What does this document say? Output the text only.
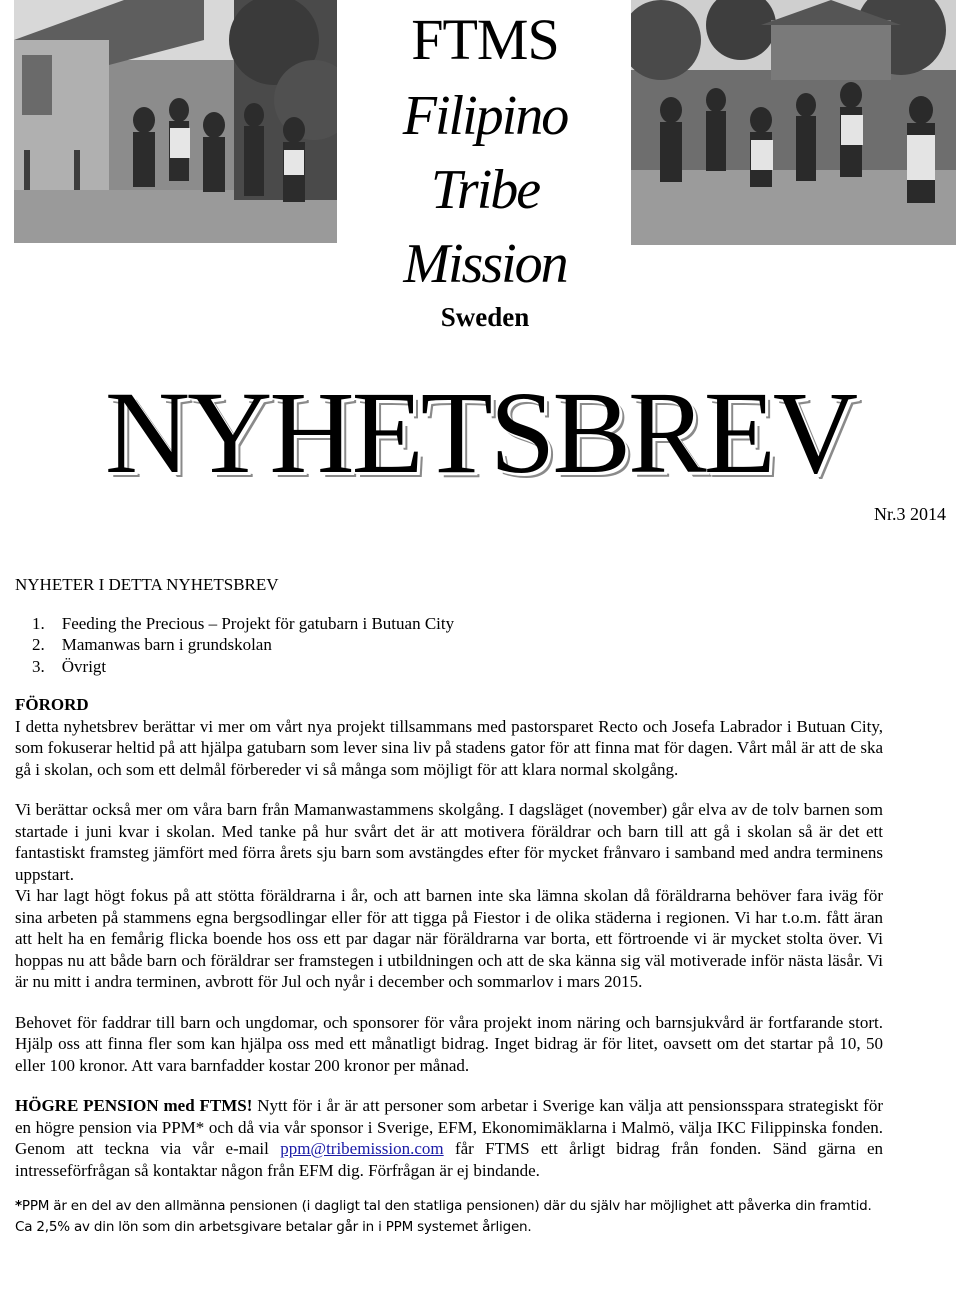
FTMS
Filipino
Tribe
Mission
Sweden
NYHETSBREV
Nr.3 2014

NYHETER I DETTA NYHETSBREV

1. Feeding the Precious – Projekt för gatubarn i Butuan City
2. Mamanwas barn i grundskolan
3. Övrigt

FÖRORD

I detta nyhetsbrev berättar vi mer om vårt nya projekt tillsammans med pastorsparet Recto och Josefa Labrador i Butuan City, som fokuserar heltid på att hjälpa gatubarn som lever sina liv på stadens gator för att finna mat för dagen. Vårt mål är att de ska gå i skolan, och som ett delmål förbereder vi så många som möjligt för att klara normal skolgång.

Vi berättar också mer om våra barn från Mamanwastammens skolgång. I dagsläget (november) går elva av de tolv barnen som startade i juni kvar i skolan. Med tanke på hur svårt det är att motivera föräldrar och barn till att gå i skolan så är det ett fantastiskt framsteg jämfört med förra årets sju barn som avstängdes efter för mycket frånvaro i samband med andra terminens uppstart.

Vi har lagt högt fokus på att stötta föräldrarna i år, och att barnen inte ska lämna skolan då föräldrarna behöver fara iväg för sina arbeten på stammens egna bergsodlingar eller för att tigga på Fiestor i de olika städerna i regionen. Vi har t.o.m. fått äran att helt ha en femårig flicka boende hos oss ett par dagar när föräldrarna var borta, ett förtroende vi är mycket stolta över. Vi hoppas nu att både barn och föräldrar ser framstegen i utbildningen och att de ska känna sig väl motiverade inför nästa läsår. Vi är nu mitt i andra terminen, avbrott för Jul och nyår i december och sommarlov i mars 2015.

Behovet för faddrar till barn och ungdomar, och sponsorer för våra projekt inom näring och barnsjukvård är fortfarande stort. Hjälp oss att finna fler som kan hjälpa oss med ett månatligt bidrag. Inget bidrag är för litet, oavsett om det startar på 10, 50 eller 100 kronor. Att vara barnfadder kostar 200 kronor per månad.

HÖGRE PENSION med FTMS! Nytt för i år är att personer som arbetar i Sverige kan välja att pensionsspara strategiskt för en högre pension via PPM* och då via vår sponsor i Sverige, EFM, Ekonomimäklarna i Malmö, välja IKC Filippinska fonden. Genom att teckna via vår e-mail ppm@tribemission.com får FTMS ett årligt bidrag från fonden. Sänd gärna en intresseförfrågan så kontaktar någon från EFM dig. Förfrågan är ej bindande.

*PPM är en del av den allmänna pensionen (i dagligt tal den statliga pensionen) där du själv har möjlighet att påverka din framtid. Ca 2,5% av din lön som din arbetsgivare betalar går in i PPM systemet årligen.
